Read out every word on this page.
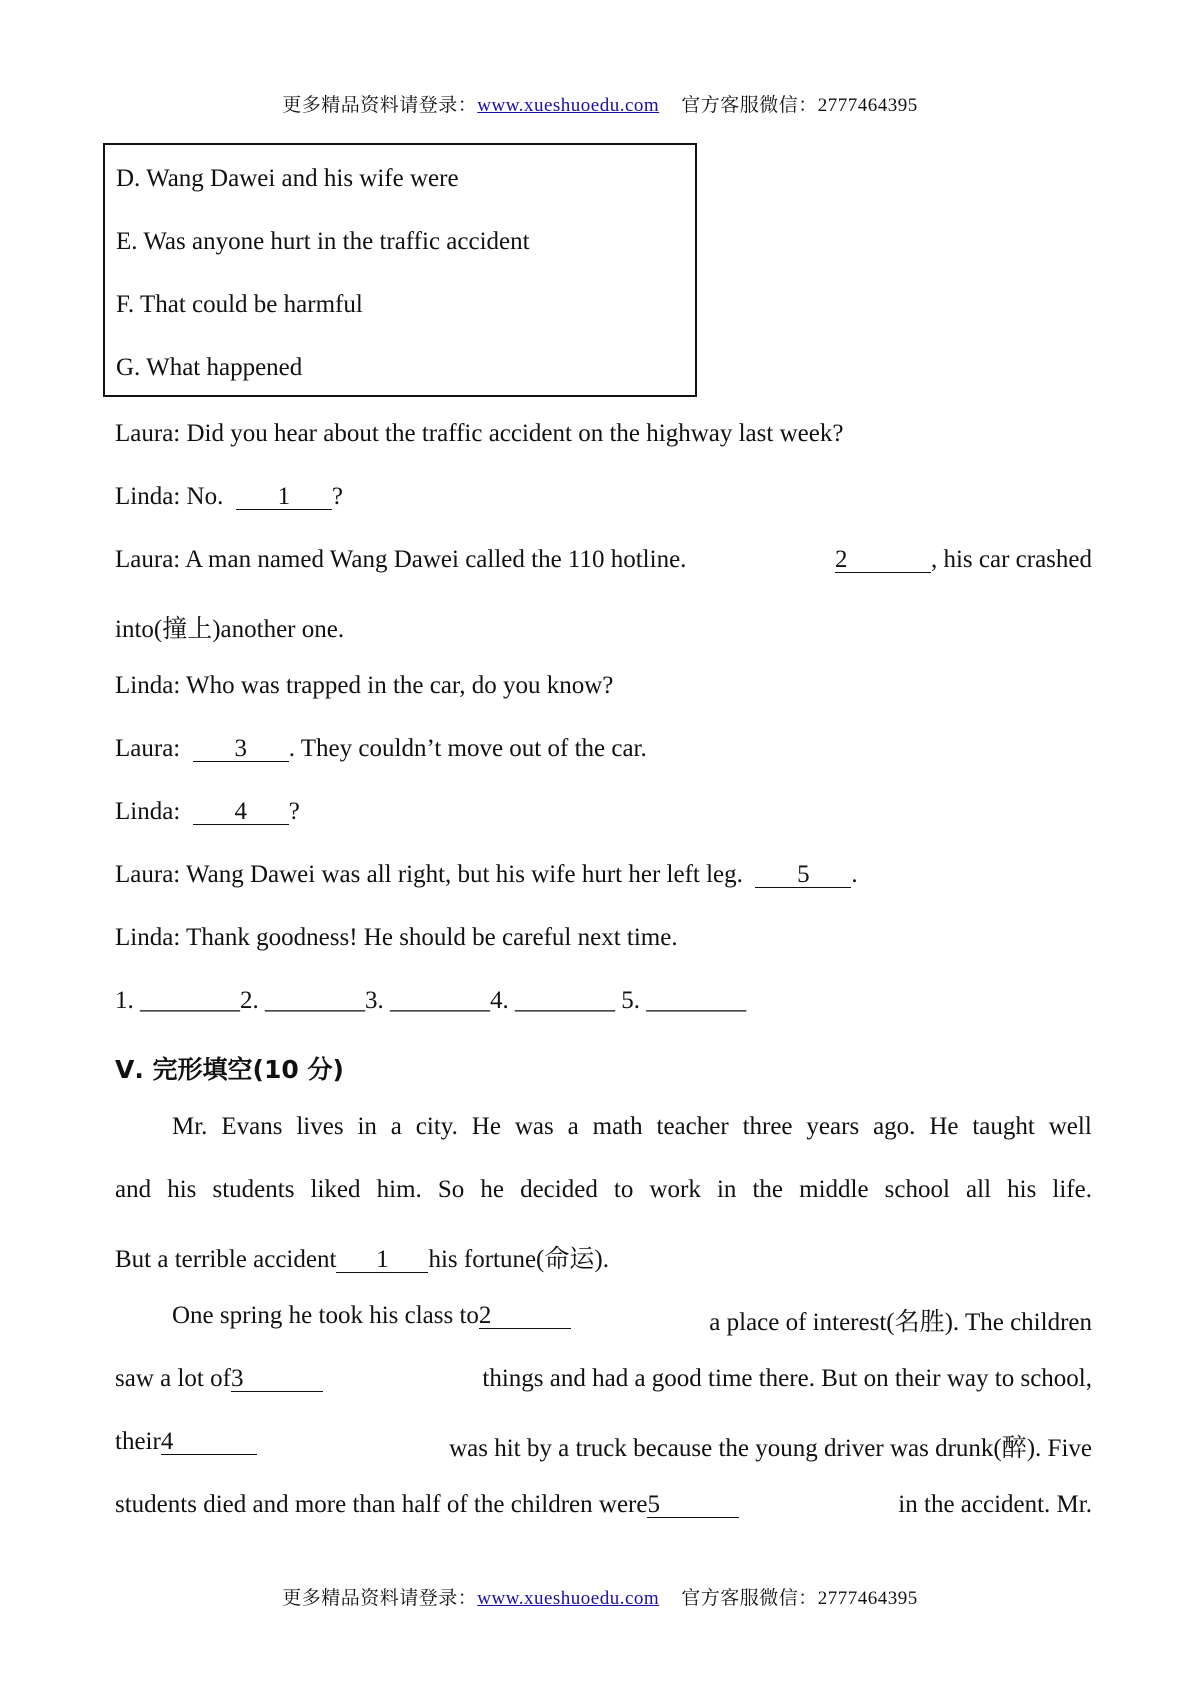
更多精品资料请登录：www.xueshuoedu.com 官方客服微信：2777464395
D. Wang Dawei and his wife were
E. Was anyone hurt in the traffic accident
F. That could be harmful
G. What happened
Laura: Did you hear about the traffic accident on the highway last week?
Linda: No. 1 ?
Laura: A man named Wang Dawei called the 110 hotline.	2	, his car crashed
into(撞上)another one.
Linda: Who was trapped in the car, do you know?
Laura: 3 . They couldn’t move out of the car.
Linda: 4 ?
Laura: Wang Dawei was all right, but his wife hurt her left leg. 5 .
Linda: Thank goodness! He should be careful next time.
1. ________2. ________3. ________4. ________ 5. ________
Ⅴ. 完形填空(10 分)
Mr. Evans lives in a city. He was a math teacher three years ago. He taught well
and his students liked him. So he decided to work in the middle school all his life.
But a terrible accident 1 his fortune(命运).
One spring he took his class to2	a place of interest(名胜). The children
saw a lot of3	things and had a good time there. But on their way to school,
their4	was hit by a truck because the young driver was drunk(醉). Five
students died and more than half of the children were5	in the accident. Mr.
更多精品资料请登录：www.xueshuoedu.com 官方客服微信：2777464395
